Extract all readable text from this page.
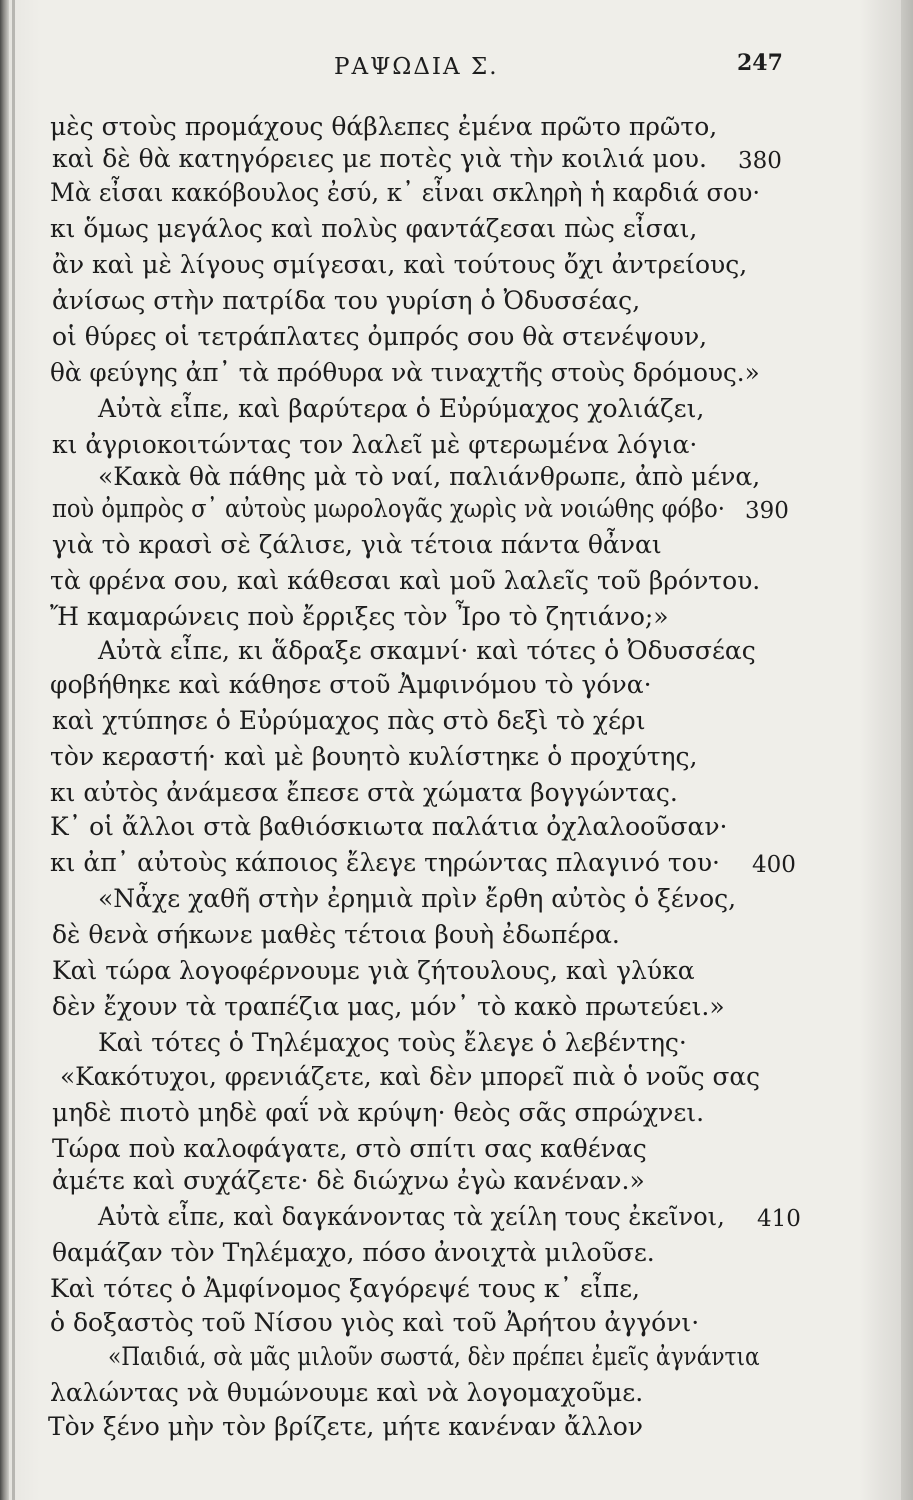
ΡΑΨΩΔΙΑ Σ.	247
μὲς στοὺς προμάχους θάβλεπες ἐμένα πρῶτο πρῶτο,
καὶ δὲ θὰ κατηγόρειες με ποτὲς γιὰ τὴν κοιλιά μου. 380
Μὰ εἶσαι κακόβουλος ἐσύ, κ᾽ εἶναι σκληρὴ ἡ καρδιά σου·
κι ὅμως μεγάλος καὶ πολὺς φαντάζεσαι πὼς εἶσαι,
ἂν καὶ μὲ λίγους σμίγεσαι, καὶ τούτους ὄχι ἀντρείους,
ἀνίσως στὴν πατρίδα του γυρίση ὁ Ὀδυσσέας,
οἱ θύρες οἱ τετράπλατες ὀμπρός σου θὰ στενέψουν,
θὰ φεύγης ἀπ᾽ τὰ πρόθυρα νὰ τιναχτῆς στοὺς δρόμους.»
Αὐτὰ εἶπε, καὶ βαρύτερα ὁ Εὐρύμαχος χολιάζει,
κι ἀγριοκοιτώντας τον λαλεῖ μὲ φτερωμένα λόγια·
«Κακὰ θὰ πάθης μὰ τὸ ναί, παλιάνθρωπε, ἀπὸ μένα,
ποὺ ὀμπρὸς σ᾽ αὐτοὺς μωρολογᾶς χωρὶς νὰ νοιώθης φόβο· 390
γιὰ τὸ κρασὶ σὲ ζάλισε, γιὰ τέτοια πάντα θἆναι
τὰ φρένα σου, καὶ κάθεσαι καὶ μοῦ λαλεῖς τοῦ βρόντου.
Ἤ καμαρώνεις ποὺ ἔρριξες τὸν Ἶρο τὸ ζητιάνο;»
Αὐτὰ εἶπε, κι ἅδραξε σκαμνί· καὶ τότες ὁ Ὀδυσσέας
φοβήθηκε καὶ κάθησε στοῦ Ἀμφινόμου τὸ γόνα·
καὶ χτύπησε ὁ Εὐρύμαχος πὰς στὸ δεξὶ τὸ χέρι
τὸν κεραστή· καὶ μὲ βουητὸ κυλίστηκε ὁ προχύτης,
κι αὐτὸς ἀνάμεσα ἔπεσε στὰ χώματα βογγώντας.
Κ᾽ οἱ ἄλλοι στὰ βαθιόσκιωτα παλάτια ὀχλαλοοῦσαν·
κι ἀπ᾽ αὐτοὺς κάποιος ἔλεγε τηρώντας πλαγινό του· 400
«Νἆχε χαθῆ στὴν ἐρημιὰ πρὶν ἔρθη αὐτὸς ὁ ξένος,
δὲ θενὰ σήκωνε μαθὲς τέτοια βουὴ ἐδωπέρα.
Καὶ τώρα λογοφέρνουμε γιὰ ζήτουλους, καὶ γλύκα
δὲν ἔχουν τὰ τραπέζια μας, μόν᾽ τὸ κακὸ πρωτεύει.»
Καὶ τότες ὁ Τηλέμαχος τοὺς ἔλεγε ὁ λεβέντης·
«Κακότυχοι, φρενιάζετε, καὶ δὲν μπορεῖ πιὰ ὁ νοῦς σας
μηδὲ πιοτὸ μηδὲ φαΐ νὰ κρύψη· θεὸς σᾶς σπρώχνει.
Τώρα ποὺ καλοφάγατε, στὸ σπίτι σας καθένας
ἀμέτε καὶ συχάζετε· δὲ διώχνω ἐγὼ κανέναν.»
Αὐτὰ εἶπε, καὶ δαγκάνοντας τὰ χείλη τους ἐκεῖνοι, 410
θαμάζαν τὸν Τηλέμαχο, πόσο ἀνοιχτὰ μιλοῦσε.
Καὶ τότες ὁ Ἀμφίνομος ξαγόρεψέ τους κ᾽ εἶπε,
ὁ δοξαστὸς τοῦ Νίσου γιὸς καὶ τοῦ Ἀρήτου ἀγγόνι·
«Παιδιά, σὰ μᾶς μιλοῦν σωστά, δὲν πρέπει ἐμεῖς ἀγνάντια
λαλώντας νὰ θυμώνουμε καὶ νὰ λογομαχοῦμε.
Τὸν ξένο μὴν τὸν βρίζετε, μήτε κανέναν ἄλλον
